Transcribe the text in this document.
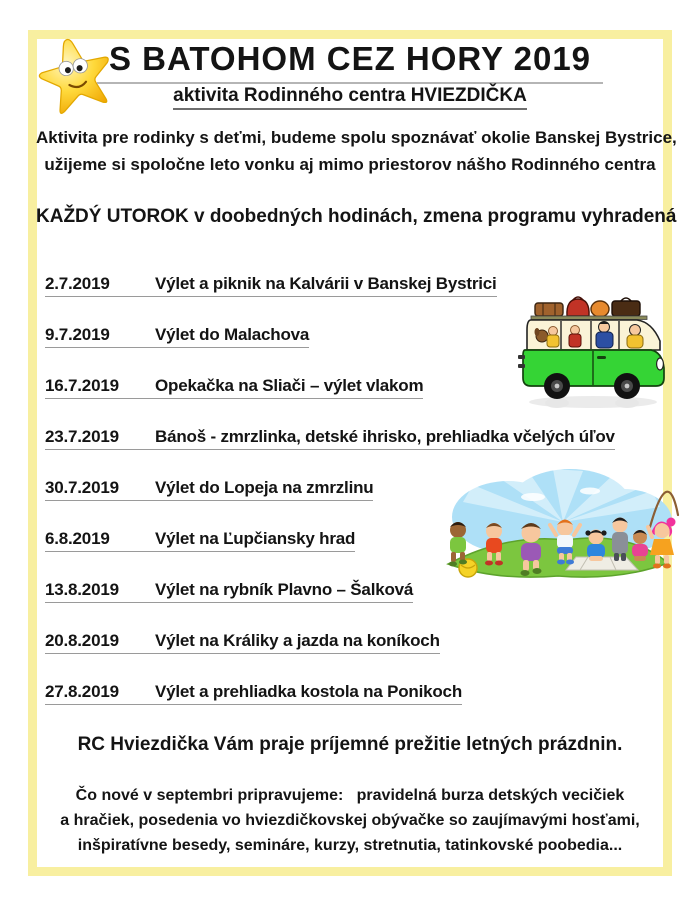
S BATOHOM CEZ HORY 2019
aktivita Rodinného centra HVIEZDIČKA
Aktivita pre rodinky s deťmi, budeme spolu spoznávať okolie Banskej Bystrice,
užijeme si spoločne leto vonku aj mimo priestorov nášho Rodinného centra
KAŽDÝ UTOROK v doobedných hodinách, zmena programu vyhradená
2.7.2019	Výlet a piknik na Kalvárii v Banskej Bystrici
9.7.2019	Výlet do Malachova
16.7.2019 Opekačka na Sliači – výlet vlakom
23.7.2019 Bánoš - zmrzlinka, detské ihrisko, prehliadka včelých úľov
30.7.2019 Výlet do Lopeja na zmrzlinu
6.8.2019	Výlet na Ľupčiansky hrad
13.8.2019 Výlet na rybník Plavno – Šalková
20.8.2019 Výlet na Králiky a jazda na koníkoch
27.8.2019 Výlet a prehliadka kostola na Ponikoch
RC Hviezdička Vám praje príjemné prežitie letných prázdnin.
Čo nové v septembri pripravujeme:   pravidelná burza detských vecičiek
a hračiek, posedenia vo hviezdičkovskej obývačke so zaujímavými hosťami,
inšpiratívne besedy, semináre, kurzy, stretnutia, tatinkovské poobedia...
